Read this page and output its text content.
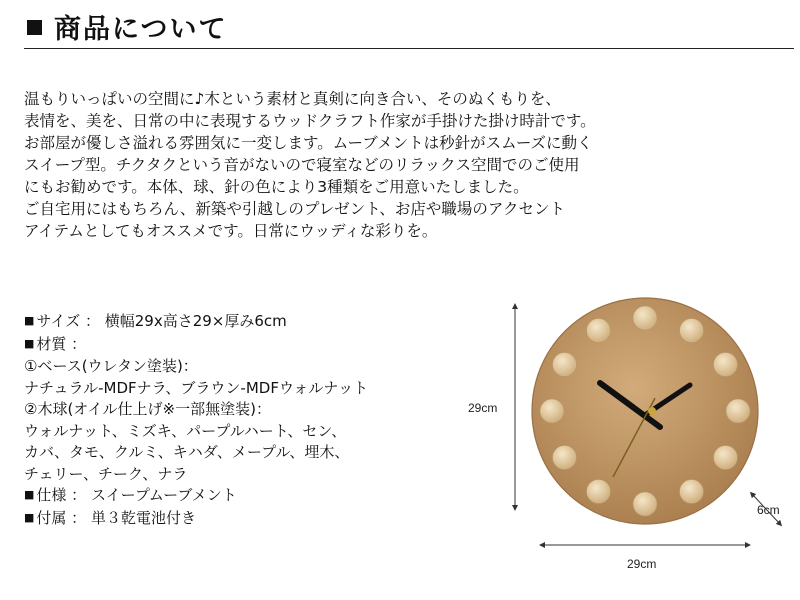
商品について
温もりいっぱいの空間に♪木という素材と真剣に向き合い、そのぬくもりを、
表情を、美を、日常の中に表現するウッドクラフト作家が手掛けた掛け時計です。
お部屋が優しさ溢れる雰囲気に一変します。ムーブメントは秒針がスムーズに動く
スイープ型。チクタクという音がないので寝室などのリラックス空間でのご使用
にもお勧めです。本体、球、針の色により3種類をご用意いたしました。
ご自宅用にはもちろん、新築や引越しのプレゼント、お店や職場のアクセント
アイテムとしてもオススメです。日常にウッディな彩りを。
■ サイズ ： 横幅29x高さ29×厚み6cm
■ 材質 ：
①ベース(ウレタン塗装)：
ナチュラル-MDFナラ、ブラウン-MDFウォルナット
②木球(オイル仕上げ※一部無塗装)：
ウォルナット、ミズキ、パープルハート、セン、
カバ、タモ、クルミ、キハダ、メープル、埋木、
チェリー、チーク、ナラ
■ 仕様 ： スイープムーブメント
■ 付属 ： 単３乾電池付き
29cm
6cm
29cm
